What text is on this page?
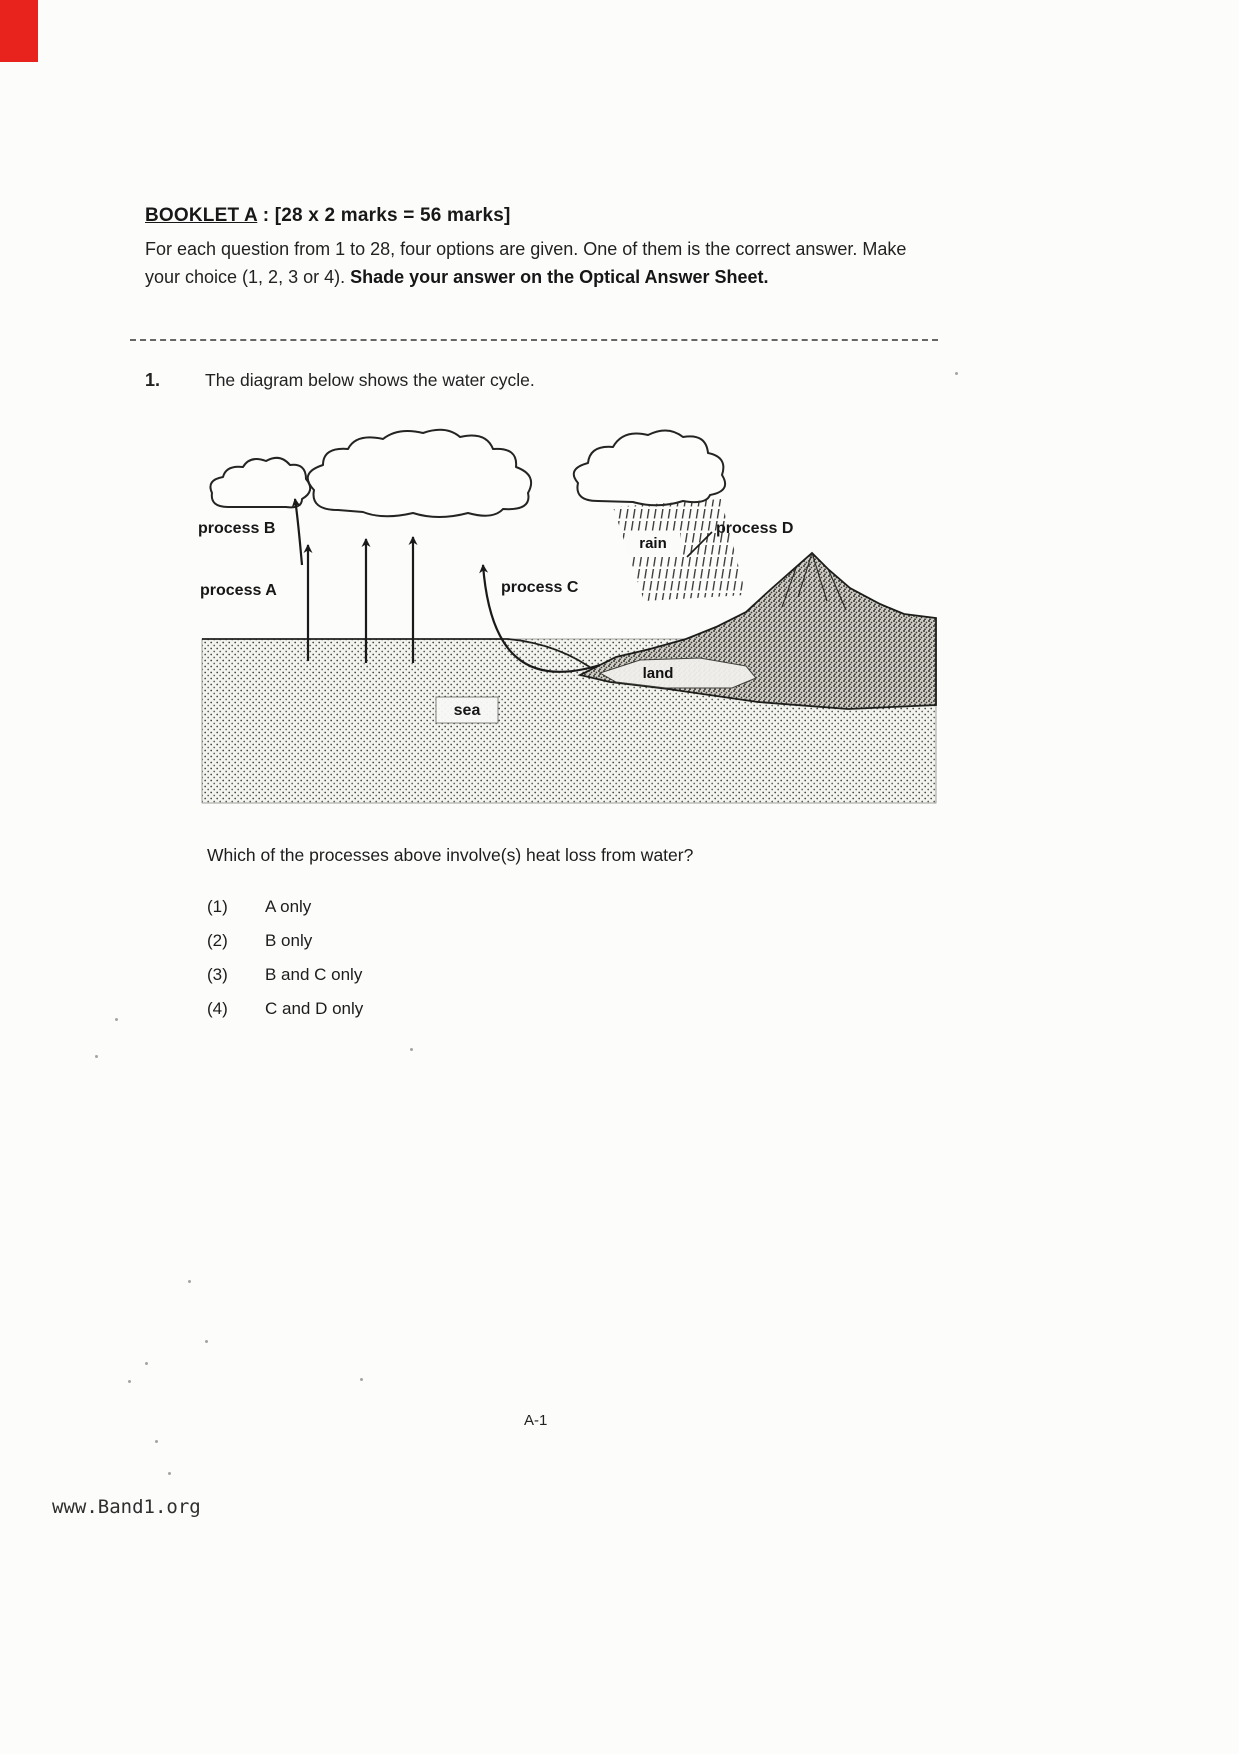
BOOKLET A : [28 x 2 marks = 56 marks]
For each question from 1 to 28, four options are given. One of them is the correct answer. Make your choice (1, 2, 3 or 4). Shade your answer on the Optical Answer Sheet.
1.	The diagram below shows the water cycle.
land
sea
rain
process B
process A	process C
process D
Which of the processes above involve(s) heat loss from water?
(1) A only
(2) B only
(3) B and C only
(4) C and D only
A-1
www.Band1.org
